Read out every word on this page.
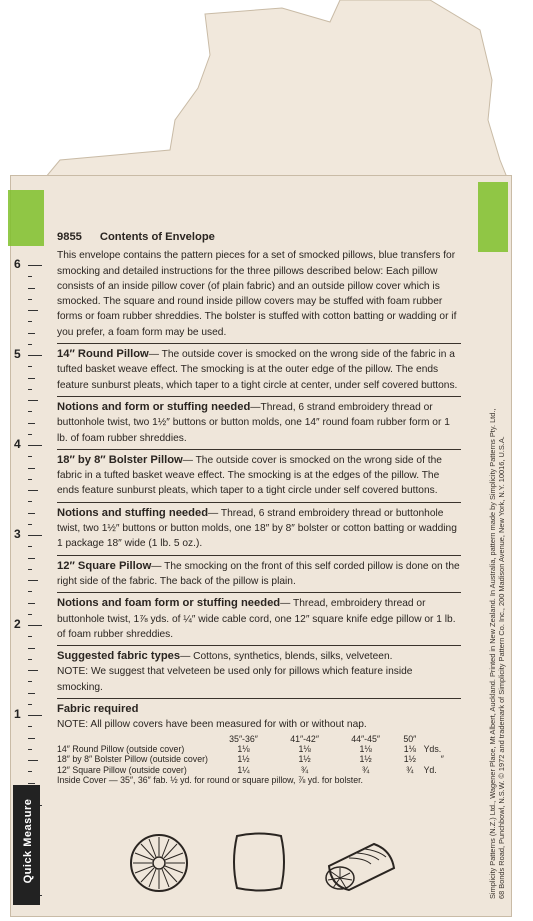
6
5
4
3
2
1
Quick Measure
9855 Contents of Envelope

This envelope contains the pattern pieces for a set of smocked pillows, blue transfers for smocking and detailed instructions for the three pillows described below: Each pillow consists of an inside pillow cover (of plain fabric) and an outside pillow cover which is smocked. The square and round inside pillow covers may be stuffed with foam rubber forms or foam rubber shreddies. The bolster is stuffed with cotton batting or wadding or if you prefer, a foam form may be used.

14″ Round Pillow— The outside cover is smocked on the wrong side of the fabric in a tufted basket weave effect. The smocking is at the outer edge of the pillow. The ends feature sunburst pleats, which taper to a tight circle at center, under self covered buttons.

Notions and form or stuffing needed—Thread, 6 strand embroidery thread or buttonhole twist, two 1½″ buttons or button molds, one 14″ round foam rubber form or 1 lb. of foam rubber shreddies.

18″ by 8″ Bolster Pillow— The outside cover is smocked on the wrong side of the fabric in a tufted basket weave effect. The smocking is at the edges of the pillow. The ends feature sunburst pleats, which taper to a tight circle under self covered buttons.

Notions and stuffing needed— Thread, 6 strand embroidery thread or buttonhole twist, two 1½″ buttons or button molds, one 18″ by 8″ bolster or cotton batting or wadding 1 package 18″ wide (1 lb. 5 oz.).

12″ Square Pillow— The smocking on the front of this self corded pillow is done on the right side of the fabric. The back of the pillow is plain.

Notions and foam form or stuffing needed— Thread, embroidery thread or buttonhole twist, 1⅞ yds. of ¼″ wide cable cord, one 12″ square knife edge pillow or 1 lb. of foam rubber shreddies.

Suggested fabric types— Cottons, synthetics, blends, silks, velveteen.

NOTE: We suggest that velveteen be used only for pillows which feature inside smocking.

Fabric required

NOTE: All pillow covers have been measured for with or without nap.

	35″-36″	41″-42″	44″-45″	50″	
14″ Round Pillow (outside cover)	1⅛	1⅛	1⅛	1⅛	Yds.
18″ by 8″ Bolster Pillow (outside cover)	1½	1½	1½	1½	″
12″ Square Pillow (outside cover)	1¼	¾	¾	¾	Yd.

Inside Cover — 35″, 36″ fab. ½ yd. for round or square pillow, ⅞ yd. for bolster.	Simplicity Patterns (N.Z.) Ltd., Wagener Place, Mt Albert, Auckland. Printed in New Zealand. In Australia, pattern made by Simplicity Patterns Pty. Ltd.,
68 Bonds Road, Punchbowl, N.S.W. © 1972 and trademark of Simplicity Pattern Co. Inc., 200 Madison Avenue, New York, N.Y. 10016, U.S.A.
